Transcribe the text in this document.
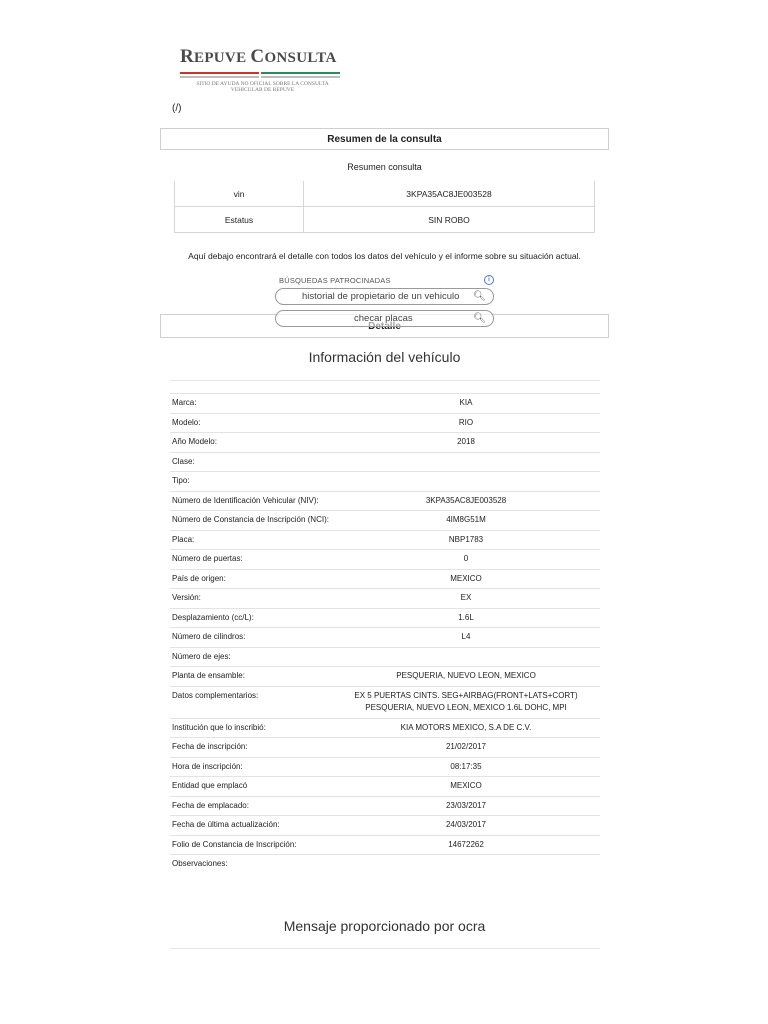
REPUVE CONSULTA
SITIO DE AYUDA NO OFICIAL SOBRE LA CONSULTA VEHICULAR DE REPUVE
(/)
Resumen de la consulta
Resumen consulta
vin	3KPA35AC8JE003528
Estatus	SIN ROBO
Aquí debajo encontrará el detalle con todos los datos del vehículo y el informe sobre su situación actual.
BÚSQUEDAS PATROCINADAS	i
historial de propietario de un vehiculo 🔍︎
checar placas	🔍︎
Información del vehículo
Marca:	KIA
Modelo:	RIO
Año Modelo:	2018
Clase:	
Tipo:	
Número de Identificación Vehicular (NIV):	3KPA35AC8JE003528
Número de Constancia de Inscripción (NCI):	4IM8G51M
Placa:	NBP1783
Número de puertas:	0
País de origen:	MEXICO
Versión:	EX
Desplazamiento (cc/L):	1.6L
Número de cilindros:	L4
Número de ejes:	
Planta de ensamble:	PESQUERIA, NUEVO LEON, MEXICO
Datos complementarios:	EX 5 PUERTAS CINTS. SEG+AIRBAG(FRONT+LATS+CORT) PESQUERIA, NUEVO LEON, MEXICO 1.6L DOHC, MPI
Institución que lo inscribió:	KIA MOTORS MEXICO, S.A DE C.V.
Fecha de inscripción:	21/02/2017
Hora de inscripción:	08:17:35
Entidad que emplacó	MEXICO
Fecha de emplacado:	23/03/2017
Fecha de última actualización:	24/03/2017
Folio de Constancia de Inscripción:	14672262
Observaciones:	
Mensaje proporcionado por ocra
